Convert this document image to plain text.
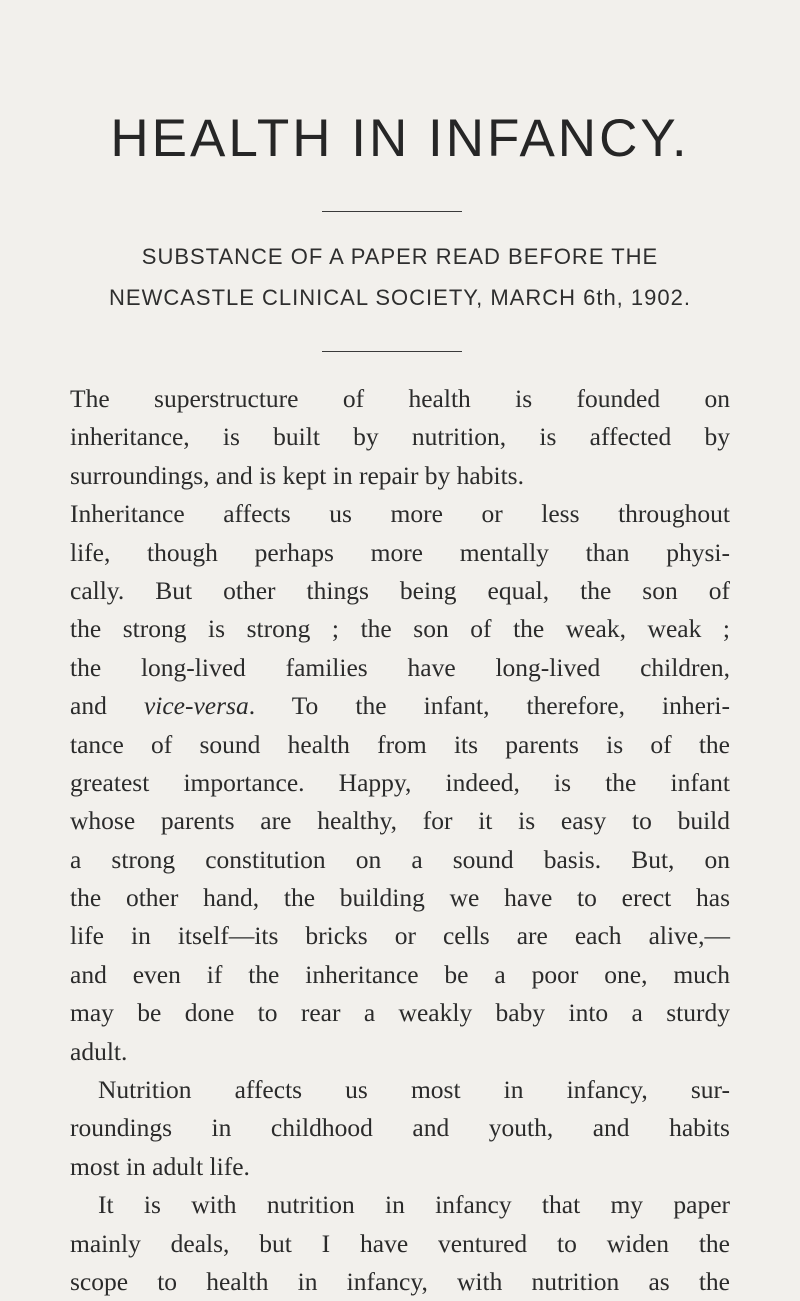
HEALTH IN INFANCY.
SUBSTANCE OF A PAPER READ BEFORE THE
NEWCASTLE CLINICAL SOCIETY, MARCH 6th, 1902.
The superstructure of health is founded on
inheritance, is built by nutrition, is affected by
surroundings, and is kept in repair by habits.
Inheritance affects us more or less throughout
life, though perhaps more mentally than physi-
cally. But other things being equal, the son of
the strong is strong ; the son of the weak, weak ;
the long-lived families have long-lived children,
and vice-versa. To the infant, therefore, inheri-
tance of sound health from its parents is of the
greatest importance. Happy, indeed, is the infant
whose parents are healthy, for it is easy to build
a strong constitution on a sound basis. But, on
the other hand, the building we have to erect has
life in itself—its bricks or cells are each alive,—
and even if the inheritance be a poor one, much
may be done to rear a weakly baby into a sturdy
adult.
Nutrition affects us most in infancy, sur-
roundings in childhood and youth, and habits
most in adult life.
It is with nutrition in infancy that my paper
mainly deals, but I have ventured to widen the
scope to health in infancy, with nutrition as the
